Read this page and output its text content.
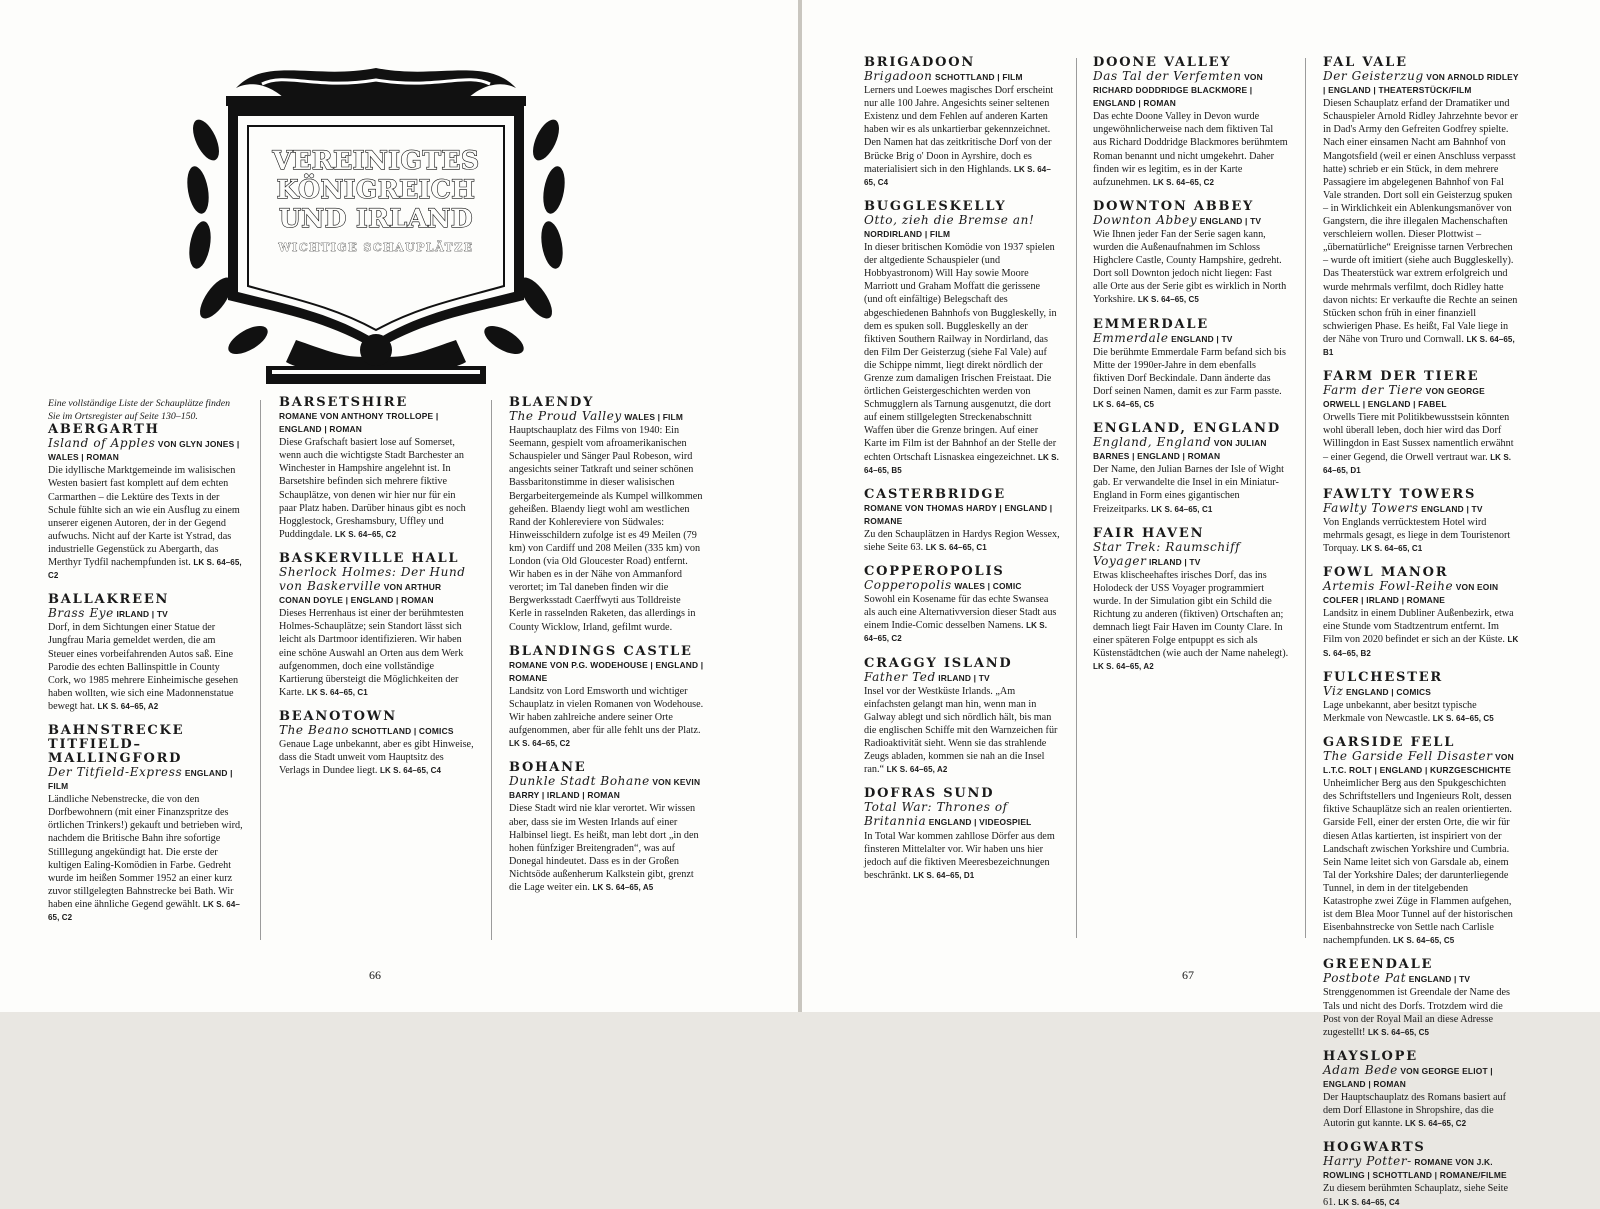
VEREINIGTES
KÖNIGREICH
UND IRLAND
WICHTIGE SCHAUPLÄTZE

Eine vollständige Liste der Schauplätze finden Sie im Ortsregister auf Seite 130–150.

ABERGARTH

Island of Apples VON GLYN JONES | WALES | ROMAN

Die idyllische Marktgemeinde im walisischen Westen basiert fast komplett auf dem echten Carmarthen – die Lektüre des Texts in der Schule fühlte sich an wie ein Ausflug zu einem unserer eigenen Autoren, der in der Gegend aufwuchs. Nicht auf der Karte ist Ystrad, das industrielle Gegenstück zu Abergarth, das Merthyr Tydfil nachempfunden ist. LK S. 64–65, C2

BALLAKREEN

Brass Eye IRLAND | TV

Dorf, in dem Sichtungen einer Statue der Jungfrau Maria gemeldet werden, die am Steuer eines vorbeifahrenden Autos saß. Eine Parodie des echten Ballinspittle in County Cork, wo 1985 mehrere Einheimische gesehen haben wollten, wie sich eine Madonnenstatue bewegt hat. LK S. 64–65, A2

BAHNSTRECKE TITFIELD–MALLINGFORD

Der Titfield-Express ENGLAND | FILM

Ländliche Nebenstrecke, die von den Dorfbewohnern (mit einer Finanzspritze des örtlichen Trinkers!) gekauft und betrieben wird, nachdem die Britische Bahn ihre sofortige Stilllegung angekündigt hat. Die erste der kultigen Ealing-Komödien in Farbe. Gedreht wurde im heißen Sommer 1952 an einer kurz zuvor stillgelegten Bahnstrecke bei Bath. Wir haben eine ähnliche Gegend gewählt. LK S. 64–65, C2

BARSETSHIRE

ROMANE VON ANTHONY TROLLOPE | ENGLAND | ROMAN

Diese Grafschaft basiert lose auf Somerset, wenn auch die wichtigste Stadt Barchester an Winchester in Hampshire angelehnt ist. In Barsetshire befinden sich mehrere fiktive Schauplätze, von denen wir hier nur für ein paar Platz haben. Darüber hinaus gibt es noch Hogglestock, Greshamsbury, Uffley und Puddingdale. LK S. 64–65, C2

BASKERVILLE HALL

Sherlock Holmes: Der Hund von Baskerville VON ARTHUR CONAN DOYLE | ENGLAND | ROMAN

Dieses Herrenhaus ist einer der berühmtesten Holmes-Schauplätze; sein Standort lässt sich leicht als Dartmoor identifizieren. Wir haben eine schöne Auswahl an Orten aus dem Werk aufgenommen, doch eine vollständige Kartierung übersteigt die Möglichkeiten der Karte. LK S. 64–65, C1

BEANOTOWN

The Beano SCHOTTLAND | COMICS

Genaue Lage unbekannt, aber es gibt Hinweise, dass die Stadt unweit vom Hauptsitz des Verlags in Dundee liegt. LK S. 64–65, C4

BLAENDY

The Proud Valley WALES | FILM

Hauptschauplatz des Films von 1940: Ein Seemann, gespielt vom afroamerikanischen Schauspieler und Sänger Paul Robeson, wird angesichts seiner Tatkraft und seiner schönen Bassbaritonstimme in dieser walisischen Bergarbeitergemeinde als Kumpel willkommen geheißen. Blaendy liegt wohl am westlichen Rand der Kohlereviere von Südwales: Hinweisschildern zufolge ist es 49 Meilen (79 km) von Cardiff und 208 Meilen (335 km) von London (via Old Gloucester Road) entfernt. Wir haben es in der Nähe von Ammanford verortet; im Tal daneben finden wir die Bergwerksstadt Caerffwyti aus Tolldreiste Kerle in rasselnden Raketen, das allerdings in County Wicklow, Irland, gefilmt wurde.

BLANDINGS CASTLE

ROMANE VON P.G. WODEHOUSE | ENGLAND | ROMANE

Landsitz von Lord Emsworth und wichtiger Schauplatz in vielen Romanen von Wodehouse. Wir haben zahlreiche andere seiner Orte aufgenommen, aber für alle fehlt uns der Platz. LK S. 64–65, C2

BOHANE

Dunkle Stadt Bohane VON KEVIN BARRY | IRLAND | ROMAN

Diese Stadt wird nie klar verortet. Wir wissen aber, dass sie im Westen Irlands auf einer Halbinsel liegt. Es heißt, man lebt dort „in den hohen fünfziger Breitengraden“, was auf Donegal hindeutet. Dass es in der Großen Nichtsöde außenherum Kalkstein gibt, grenzt die Lage weiter ein. LK S. 64–65, A5

66

BRIGADOON

Brigadoon SCHOTTLAND | FILM

Lerners und Loewes magisches Dorf erscheint nur alle 100 Jahre. Angesichts seiner seltenen Existenz und dem Fehlen auf anderen Karten haben wir es als unkartierbar gekennzeichnet. Den Namen hat das zeitkritische Dorf von der Brücke Brig o' Doon in Ayrshire, doch es materialisiert sich in den Highlands. LK S. 64–65, C4

BUGGLESKELLY

Otto, zieh die Bremse an! NORDIRLAND | FILM

In dieser britischen Komödie von 1937 spielen der altgediente Schauspieler (und Hobbyastronom) Will Hay sowie Moore Marriott und Graham Moffatt die gerissene (und oft einfältige) Belegschaft des abgeschiedenen Bahnhofs von Buggleskelly, in dem es spuken soll. Buggleskelly an der fiktiven Southern Railway in Nordirland, das den Film Der Geisterzug (siehe Fal Vale) auf die Schippe nimmt, liegt direkt nördlich der Grenze zum damaligen Irischen Freistaat. Die örtlichen Geistergeschichten werden von Schmugglern als Tarnung ausgenutzt, die dort auf einem stillgelegten Streckenabschnitt Waffen über die Grenze bringen. Auf einer Karte im Film ist der Bahnhof an der Stelle der echten Ortschaft Lisnaskea eingezeichnet. LK S. 64–65, B5

CASTERBRIDGE

ROMANE VON THOMAS HARDY | ENGLAND | ROMANE

Zu den Schauplätzen in Hardys Region Wessex, siehe Seite 63. LK S. 64–65, C1

COPPEROPOLIS

Copperopolis WALES | COMIC

Sowohl ein Kosename für das echte Swansea als auch eine Alternativversion dieser Stadt aus einem Indie-Comic desselben Namens. LK S. 64–65, C2

CRAGGY ISLAND

Father Ted IRLAND | TV

Insel vor der Westküste Irlands. „Am einfachsten gelangt man hin, wenn man in Galway ablegt und sich nördlich hält, bis man die englischen Schiffe mit den Warnzeichen für Radioaktivität sieht. Wenn sie das strahlende Zeugs abladen, kommen sie nah an die Insel ran.“ LK S. 64–65, A2

DOFRAS SUND

Total War: Thrones of Britannia ENGLAND | VIDEOSPIEL

In Total War kommen zahllose Dörfer aus dem finsteren Mittelalter vor. Wir haben uns hier jedoch auf die fiktiven Meeresbezeichnungen beschränkt. LK S. 64–65, D1

DOONE VALLEY

Das Tal der Verfemten VON RICHARD DODDRIDGE BLACKMORE | ENGLAND | ROMAN

Das echte Doone Valley in Devon wurde ungewöhnlicherweise nach dem fiktiven Tal aus Richard Doddridge Blackmores berühmtem Roman benannt und nicht umgekehrt. Daher finden wir es legitim, es in der Karte aufzunehmen. LK S. 64–65, C2

DOWNTON ABBEY

Downton Abbey ENGLAND | TV

Wie Ihnen jeder Fan der Serie sagen kann, wurden die Außenaufnahmen im Schloss Highclere Castle, County Hampshire, gedreht. Dort soll Downton jedoch nicht liegen: Fast alle Orte aus der Serie gibt es wirklich in North Yorkshire. LK S. 64–65, C5

EMMERDALE

Emmerdale ENGLAND | TV

Die berühmte Emmerdale Farm befand sich bis Mitte der 1990er-Jahre in dem ebenfalls fiktiven Dorf Beckindale. Dann änderte das Dorf seinen Namen, damit es zur Farm passte. LK S. 64–65, C5

ENGLAND, ENGLAND

England, England VON JULIAN BARNES | ENGLAND | ROMAN

Der Name, den Julian Barnes der Isle of Wight gab. Er verwandelte die Insel in ein Miniatur-England in Form eines gigantischen Freizeitparks. LK S. 64–65, C1

FAIR HAVEN

Star Trek: Raumschiff Voyager IRLAND | TV

Etwas klischeehaftes irisches Dorf, das ins Holodeck der USS Voyager programmiert wurde. In der Simulation gibt ein Schild die Richtung zu anderen (fiktiven) Ortschaften an; demnach liegt Fair Haven im County Clare. In einer späteren Folge entpuppt es sich als Küstenstädtchen (wie auch der Name nahelegt). LK S. 64–65, A2

FAL VALE

Der Geisterzug VON ARNOLD RIDLEY | ENGLAND | THEATERSTÜCK/FILM

Diesen Schauplatz erfand der Dramatiker und Schauspieler Arnold Ridley Jahrzehnte bevor er in Dad's Army den Gefreiten Godfrey spielte. Nach einer einsamen Nacht am Bahnhof von Mangotsfield (weil er einen Anschluss verpasst hatte) schrieb er ein Stück, in dem mehrere Passagiere im abgelegenen Bahnhof von Fal Vale stranden. Dort soll ein Geisterzug spuken – in Wirklichkeit ein Ablenkungsmanöver von Gangstern, die ihre illegalen Machenschaften verschleiern wollen. Dieser Plottwist – „übernatürliche“ Ereignisse tarnen Verbrechen – wurde oft imitiert (siehe auch Buggleskelly). Das Theaterstück war extrem erfolgreich und wurde mehrmals verfilmt, doch Ridley hatte davon nichts: Er verkaufte die Rechte an seinen Stücken schon früh in einer finanziell schwierigen Phase. Es heißt, Fal Vale liege in der Nähe von Truro und Cornwall. LK S. 64–65, B1

FARM DER TIERE

Farm der Tiere VON GEORGE ORWELL | ENGLAND | FABEL

Orwells Tiere mit Politikbewusstsein könnten wohl überall leben, doch hier wird das Dorf Willingdon in East Sussex namentlich erwähnt – einer Gegend, die Orwell vertraut war. LK S. 64–65, D1

FAWLTY TOWERS

Fawlty Towers ENGLAND | TV

Von Englands verrücktestem Hotel wird mehrmals gesagt, es liege in dem Touristenort Torquay. LK S. 64–65, C1

FOWL MANOR

Artemis Fowl-Reihe VON EOIN COLFER | IRLAND | ROMANE

Landsitz in einem Dubliner Außenbezirk, etwa eine Stunde vom Stadtzentrum entfernt. Im Film von 2020 befindet er sich an der Küste. LK S. 64–65, B2

FULCHESTER

Viz ENGLAND | COMICS

Lage unbekannt, aber besitzt typische Merkmale von Newcastle. LK S. 64–65, C5

GARSIDE FELL

The Garside Fell Disaster VON L.T.C. ROLT | ENGLAND | KURZGESCHICHTE

Unheimlicher Berg aus den Spukgeschichten des Schriftstellers und Ingenieurs Rolt, dessen fiktive Schauplätze sich an realen orientierten. Garside Fell, einer der ersten Orte, die wir für diesen Atlas kartierten, ist inspiriert von der Landschaft zwischen Yorkshire und Cumbria. Sein Name leitet sich von Garsdale ab, einem Tal der Yorkshire Dales; der darunterliegende Tunnel, in dem in der titelgebenden Katastrophe zwei Züge in Flammen aufgehen, ist dem Blea Moor Tunnel auf der historischen Eisenbahnstrecke von Settle nach Carlisle nachempfunden. LK S. 64–65, C5

GREENDALE

Postbote Pat ENGLAND | TV

Strenggenommen ist Greendale der Name des Tals und nicht des Dorfs. Trotzdem wird die Post von der Royal Mail an diese Adresse zugestellt! LK S. 64–65, C5

HAYSLOPE

Adam Bede VON GEORGE ELIOT | ENGLAND | ROMAN

Der Hauptschauplatz des Romans basiert auf dem Dorf Ellastone in Shropshire, das die Autorin gut kannte. LK S. 64–65, C2

HOGWARTS

Harry Potter- ROMANE VON J.K. ROWLING | SCHOTTLAND | ROMANE/FILME

Zu diesem berühmten Schauplatz, siehe Seite 61. LK S. 64–65, C4

67
